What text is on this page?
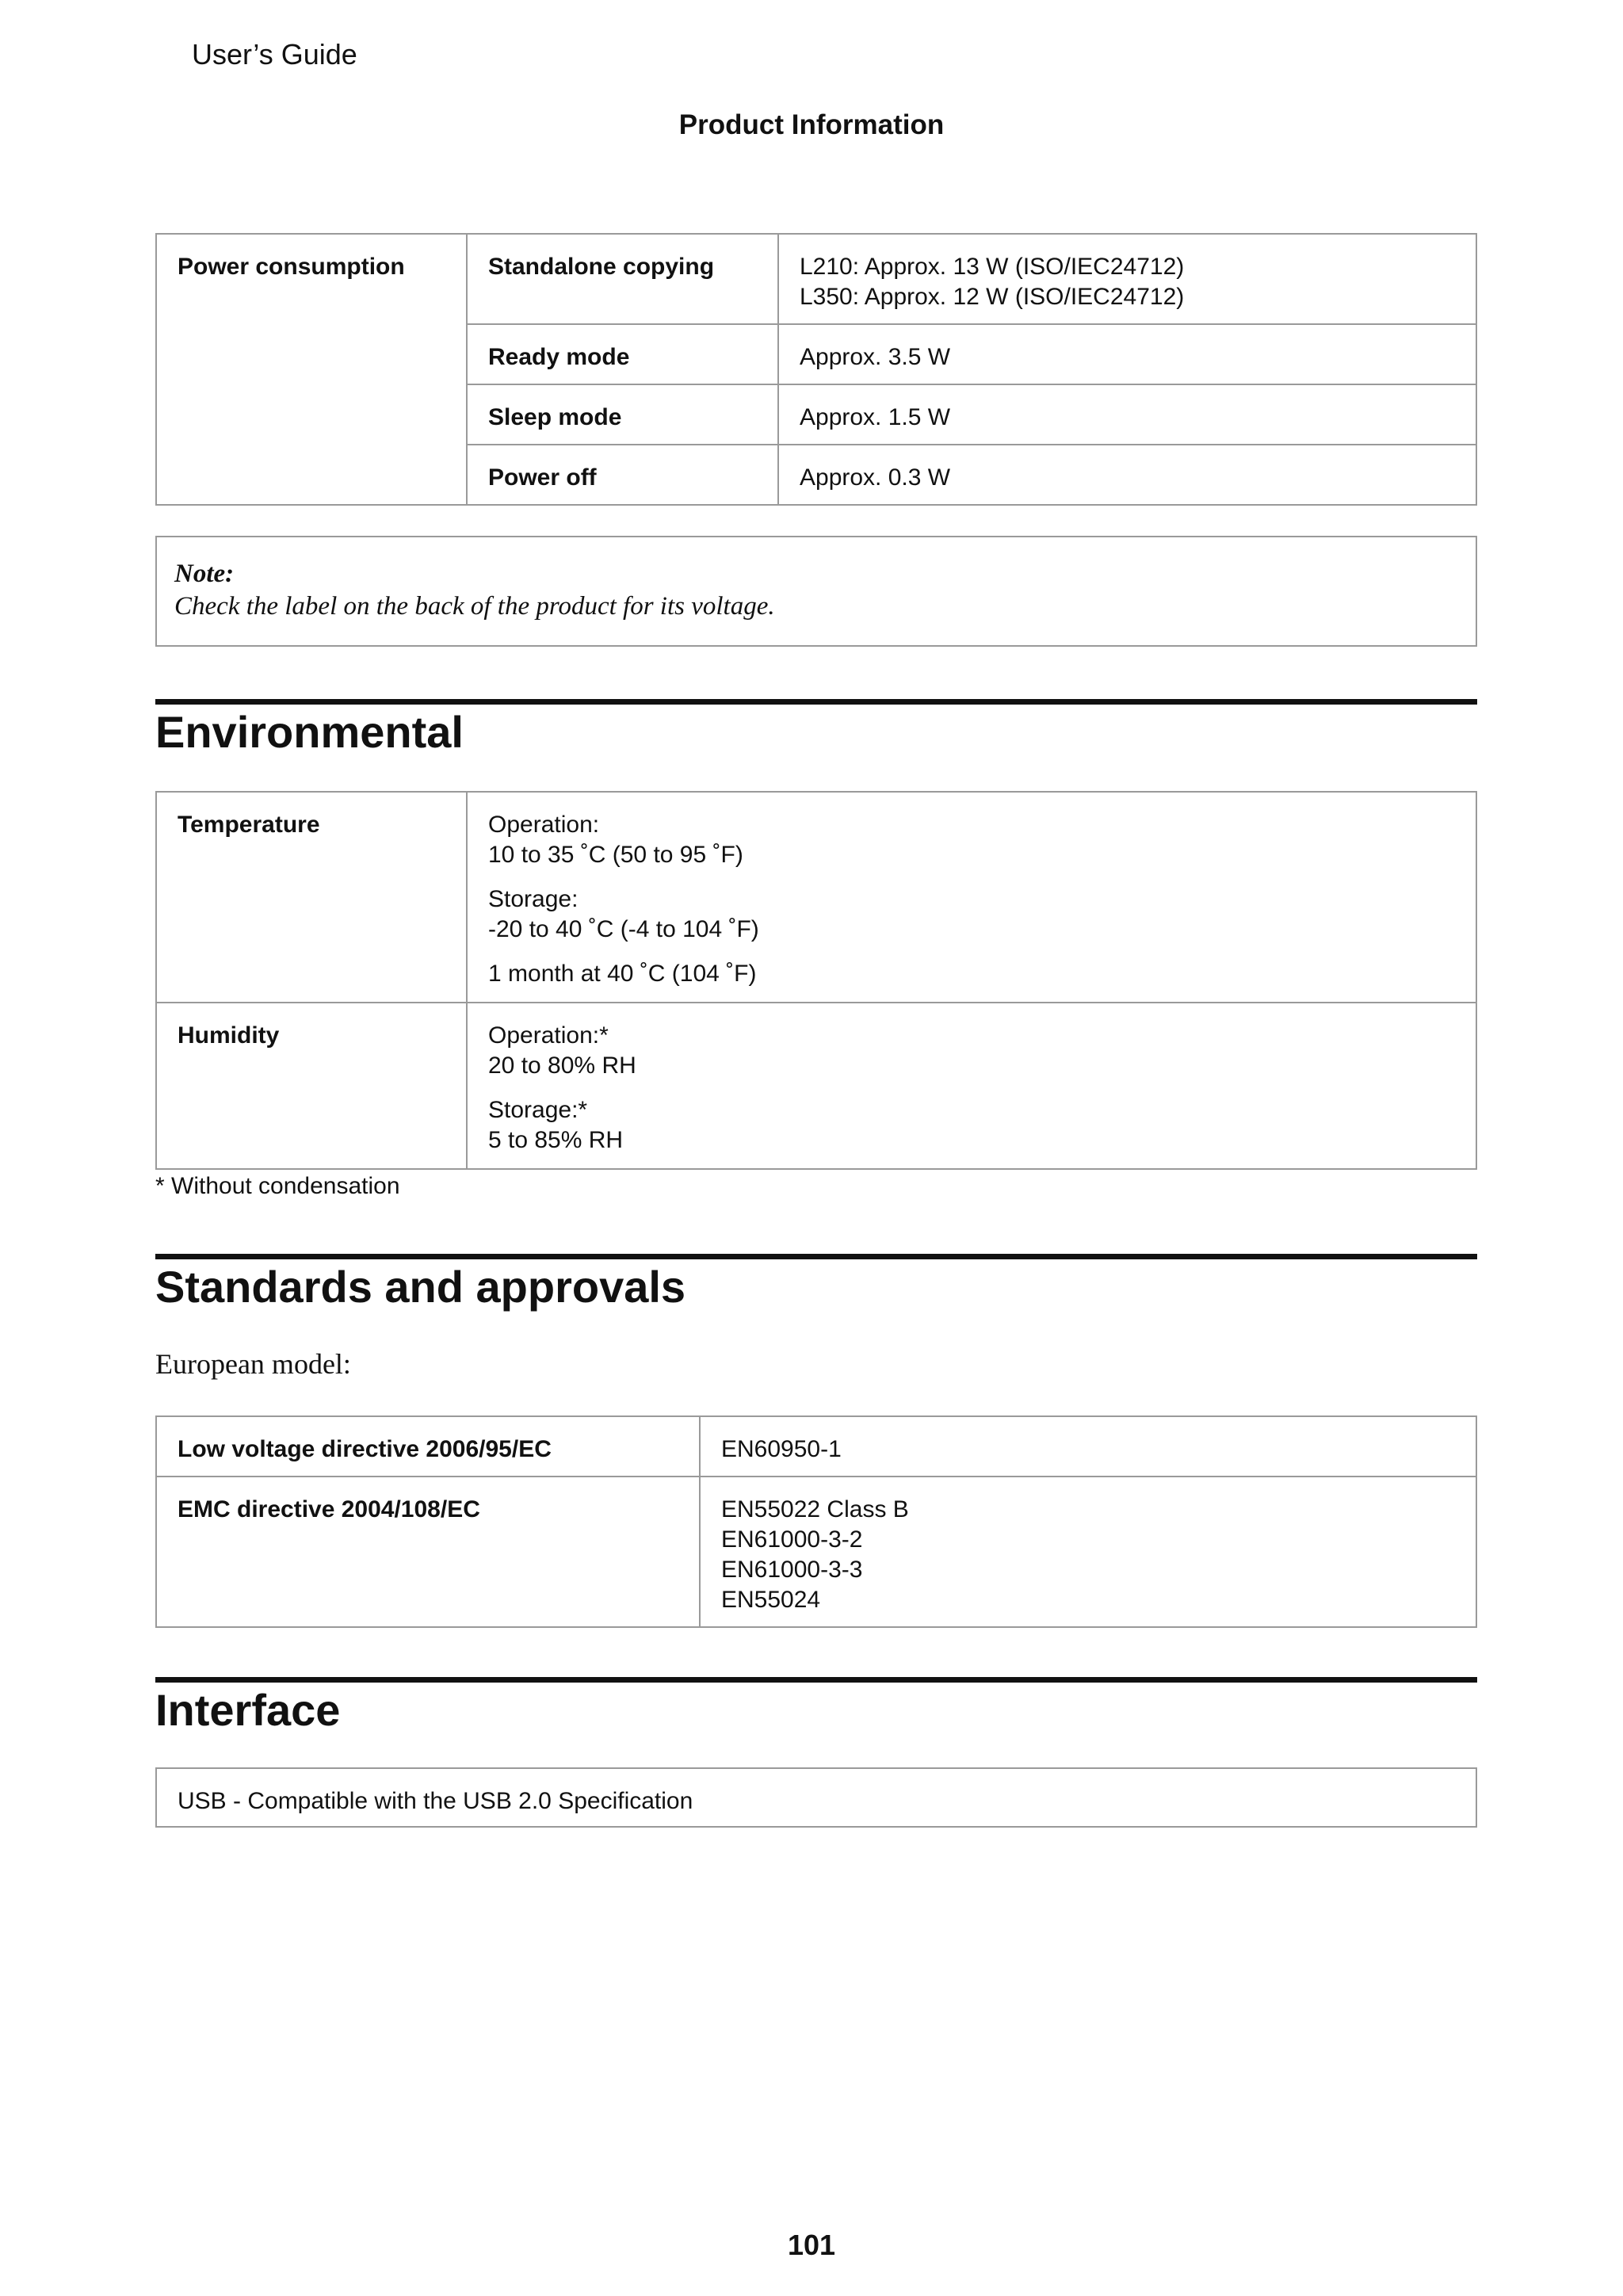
User’s Guide
Product Information
Power consumption	Standalone copying	L210: Approx. 13 W (ISO/IEC24712)
L350: Approx. 12 W (ISO/IEC24712)

	Ready mode	Approx. 3.5 W
	Sleep mode	Approx. 1.5 W
	Power off	Approx. 0.3 W
Note:
Check the label on the back of the product for its voltage.
Environmental
Temperature	Operation:
10 to 35 ˚C (50 to 95 ˚F)

Storage:
-20 to 40 ˚C (-4 to 104 ˚F)

1 month at 40 ˚C (104 ˚F)

Humidity	Operation:*
20 to 80% RH

Storage:*
5 to 85% RH

* Without condensation
Standards and approvals
European model:
Low voltage directive 2006/95/EC	EN60950-1
EMC directive 2004/108/EC	EN55022 Class B
EN61000-3-2
EN61000-3-3
EN55024
Interface
USB - Compatible with the USB 2.0 Specification
101
